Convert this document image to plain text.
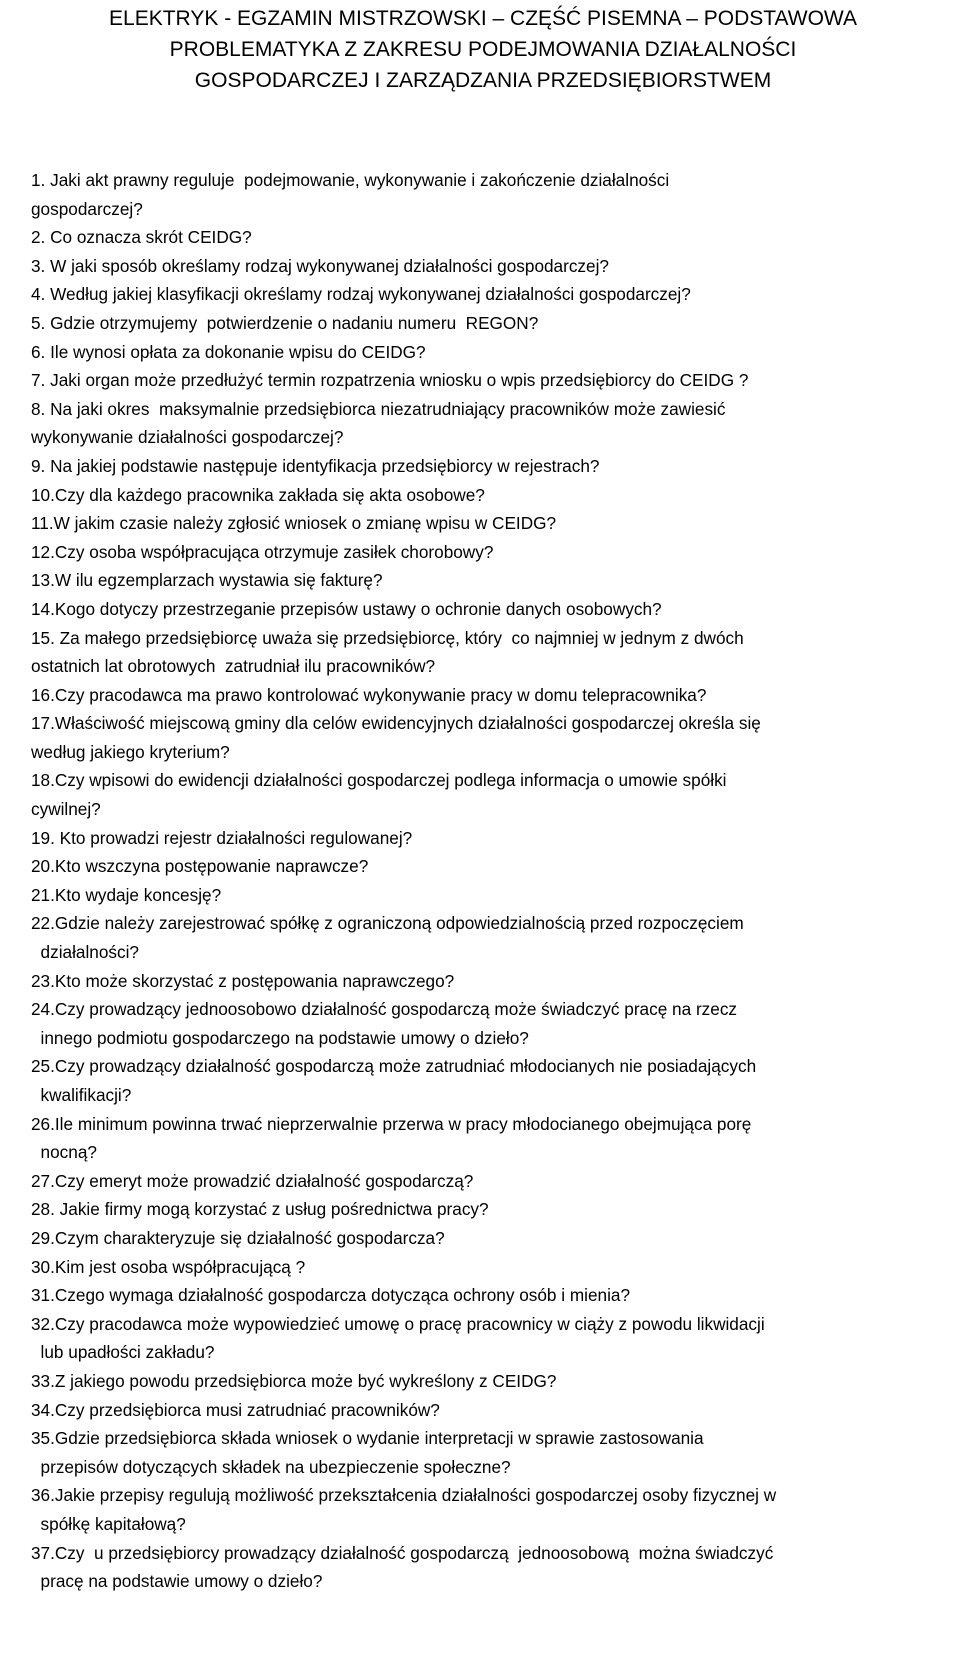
ELEKTRYK - EGZAMIN MISTRZOWSKI – CZĘŚĆ PISEMNA – PODSTAWOWA
PROBLEMATYKA Z ZAKRESU PODEJMOWANIA DZIAŁALNOŚCI
GOSPODARCZEJ I ZARZĄDZANIA PRZEDSIĘBIORSTWEM
1. Jaki akt prawny reguluje  podejmowanie, wykonywanie i zakończenie działalności
gospodarczej?
2. Co oznacza skrót CEIDG?
3. W jaki sposób określamy rodzaj wykonywanej działalności gospodarczej?
4. Według jakiej klasyfikacji określamy rodzaj wykonywanej działalności gospodarczej?
5. Gdzie otrzymujemy  potwierdzenie o nadaniu numeru  REGON?
6. Ile wynosi opłata za dokonanie wpisu do CEIDG?
7. Jaki organ może przedłużyć termin rozpatrzenia wniosku o wpis przedsiębiorcy do CEIDG ?
8. Na jaki okres  maksymalnie przedsiębiorca niezatrudniający pracowników może zawiesić
wykonywanie działalności gospodarczej?
9. Na jakiej podstawie następuje identyfikacja przedsiębiorcy w rejestrach?
10.Czy dla każdego pracownika zakłada się akta osobowe?
11.W jakim czasie należy zgłosić wniosek o zmianę wpisu w CEIDG?
12.Czy osoba współpracująca otrzymuje zasiłek chorobowy?
13.W ilu egzemplarzach wystawia się fakturę?
14.Kogo dotyczy przestrzeganie przepisów ustawy o ochronie danych osobowych?
15. Za małego przedsiębiorcę uważa się przedsiębiorcę, który  co najmniej w jednym z dwóch
ostatnich lat obrotowych  zatrudniał ilu pracowników?
16.Czy pracodawca ma prawo kontrolować wykonywanie pracy w domu telepracownika?
17.Właściwość miejscową gminy dla celów ewidencyjnych działalności gospodarczej określa się
według jakiego kryterium?
18.Czy wpisowi do ewidencji działalności gospodarczej podlega informacja o umowie spółki
cywilnej?
19. Kto prowadzi rejestr działalności regulowanej?
20.Kto wszczyna postępowanie naprawcze?
21.Kto wydaje koncesję?
22.Gdzie należy zarejestrować spółkę z ograniczoną odpowiedzialnością przed rozpoczęciem
działalności?
23.Kto może skorzystać z postępowania naprawczego?
24.Czy prowadzący jednoosobowo działalność gospodarczą może świadczyć pracę na rzecz
innego podmiotu gospodarczego na podstawie umowy o dzieło?
25.Czy prowadzący działalność gospodarczą może zatrudniać młodocianych nie posiadających
kwalifikacji?
26.Ile minimum powinna trwać nieprzerwalnie przerwa w pracy młodocianego obejmująca porę
nocną?
27.Czy emeryt może prowadzić działalność gospodarczą?
28. Jakie firmy mogą korzystać z usług pośrednictwa pracy?
29.Czym charakteryzuje się działalność gospodarcza?
30.Kim jest osoba współpracującą ?
31.Czego wymaga działalność gospodarcza dotycząca ochrony osób i mienia?
32.Czy pracodawca może wypowiedzieć umowę o pracę pracownicy w ciąży z powodu likwidacji
lub upadłości zakładu?
33.Z jakiego powodu przedsiębiorca może być wykreślony z CEIDG?
34.Czy przedsiębiorca musi zatrudniać pracowników?
35.Gdzie przedsiębiorca składa wniosek o wydanie interpretacji w sprawie zastosowania
przepisów dotyczących składek na ubezpieczenie społeczne?
36.Jakie przepisy regulują możliwość przekształcenia działalności gospodarczej osoby fizycznej w
spółkę kapitałową?
37.Czy  u przedsiębiorcy prowadzący działalność gospodarczą  jednoosobową  można świadczyć
pracę na podstawie umowy o dzieło?
